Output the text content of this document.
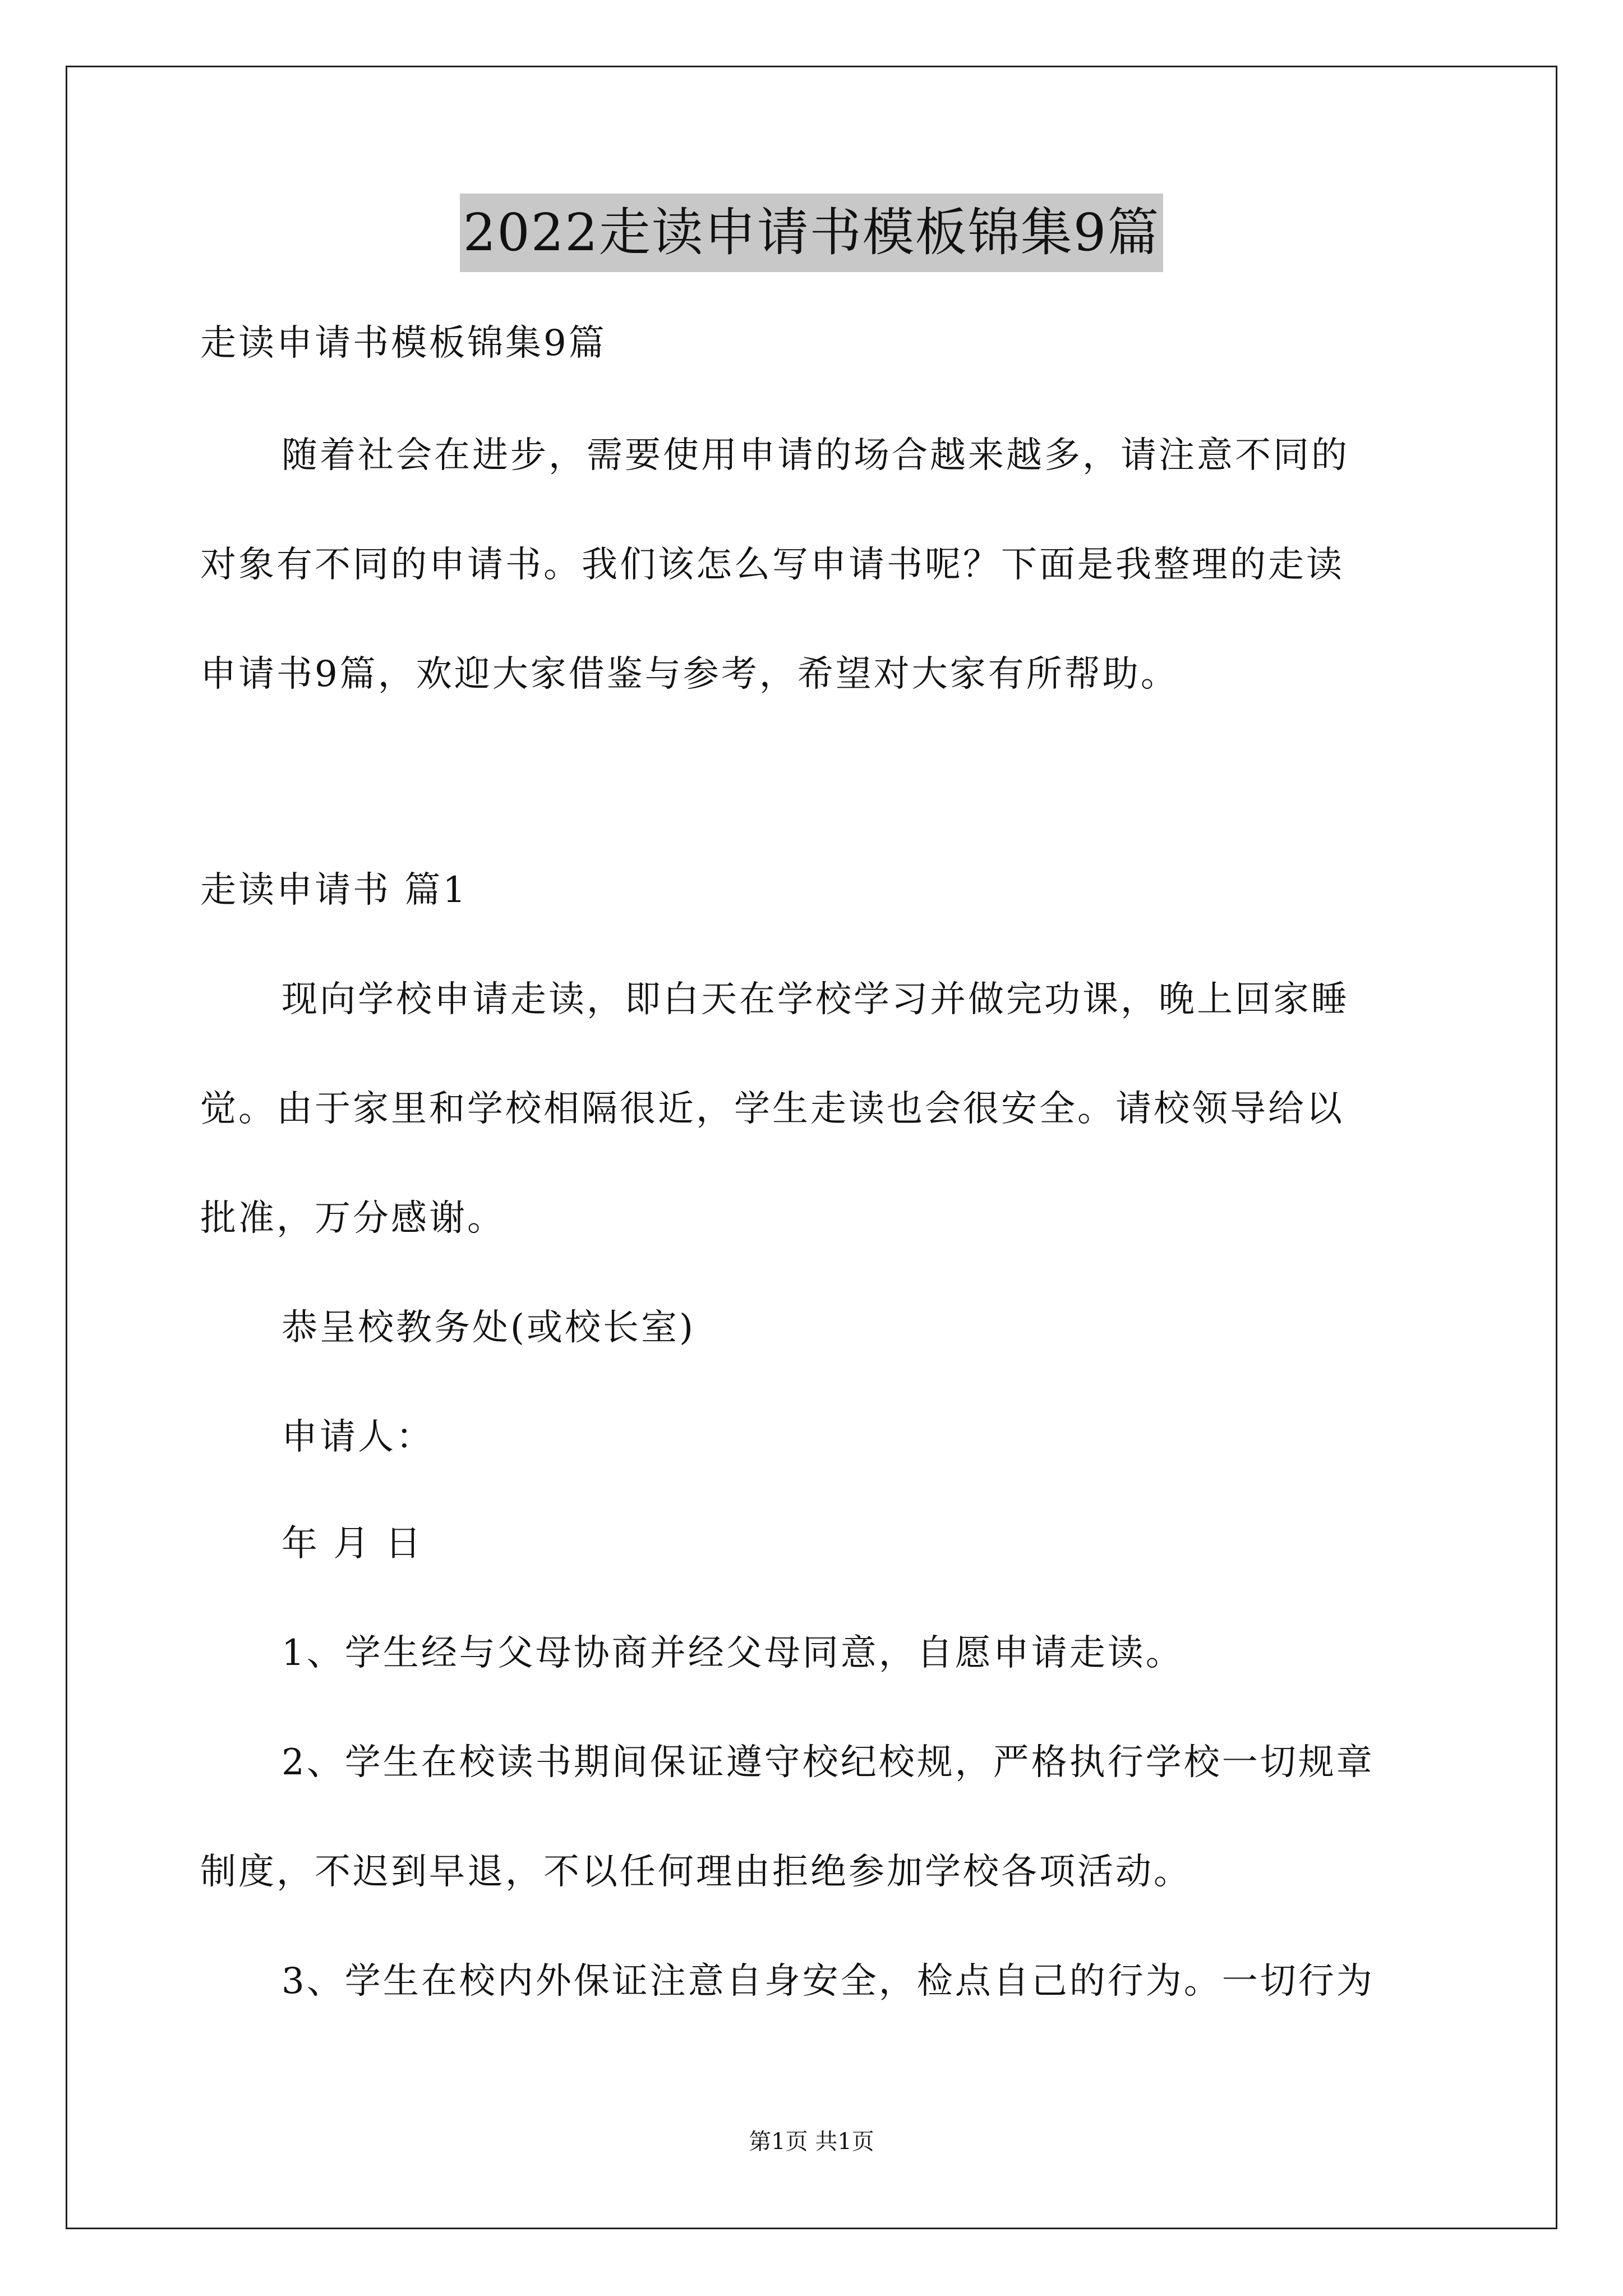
2022走读申请书模板锦集9篇
走读申请书模板锦集9篇
随着社会在进步，需要使用申请的场合越来越多，请注意不同的
对象有不同的申请书。我们该怎么写申请书呢？下面是我整理的走读
申请书9篇，欢迎大家借鉴与参考，希望对大家有所帮助。
走读申请书 篇1
现向学校申请走读，即白天在学校学习并做完功课，晚上回家睡
觉。由于家里和学校相隔很近，学生走读也会很安全。请校领导给以
批准，万分感谢。
恭呈校教务处(或校长室)
申请人：
年 月 日
1、学生经与父母协商并经父母同意，自愿申请走读。
2、学生在校读书期间保证遵守校纪校规，严格执行学校一切规章
制度，不迟到早退，不以任何理由拒绝参加学校各项活动。
3、学生在校内外保证注意自身安全，检点自己的行为。一切行为
第1页 共1页
